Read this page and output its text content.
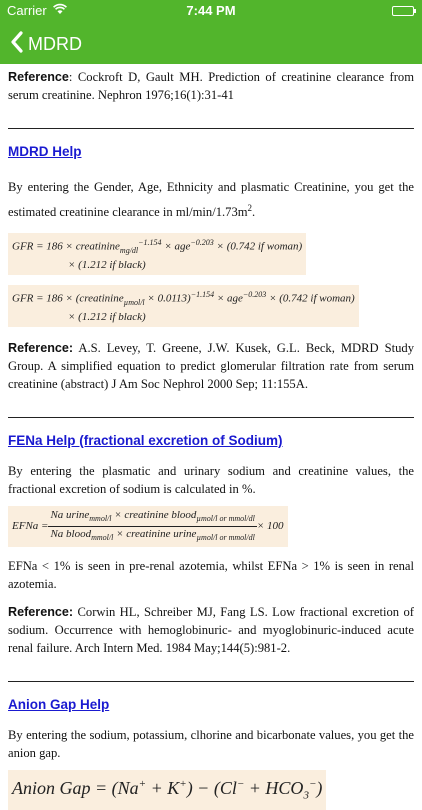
Carrier	7:44 PM
MDRD

Reference: Cockroft D, Gault MH. Prediction of creatinine clearance from serum creatinine. Nephron 1976;16(1):31-41

MDRD Help

By entering the Gender, Age, Ethnicity and plasmatic Creatinine, you get the estimated creatinine clearance in $ml/\min/1.73m^2$.

GFR = 186 × creatinine$_{mg/dl}^{-1.154}$ × age$^{-0.203}$ × (0.742 if woman)
× (1.212 if black)
GFR = 186 × (creatinine$_{\mu mol/l}$ × 0.0113)$^{-1.154}$ × age$^{-0.203}$ × (0.742 if woman)
× (1.212 if black)

Reference: A.S. Levey, T. Greene, J.W. Kusek, G.L. Beck, MDRD Study Group. A simplified equation to predict glomerular filtration rate from serum creatinine (abstract) J Am Soc Nephrol 2000 Sep; 11:155A.

FENa Help (fractional excretion of Sodium)

By entering the plasmatic and urinary sodium and creatinine values, the fractional excretion of sodium is calculated in %.

EFNa = $\frac{Na urine_{mmol/l} \times creatinine blood_{\mu mol/l or mmol/dl}}{Na blood_{mmol/l} \times creatinine urine_{\mu mol/l or mmol/dl}} \times 100$

EFNa < 1% is seen in pre-renal azotemia, whilst EFNa > 1% is seen in renal azotemia.

Reference: Corwin HL, Schreiber MJ, Fang LS. Low fractional excretion of sodium. Occurrence with hemoglobinuric- and myoglobinuric-induced acute renal failure. Arch Intern Med. 1984 May;144(5):981-2.

Anion Gap Help

By entering the sodium, potassium, clhorine and bicarbonate values, you get the anion gap.

Anion Gap = $(Na^+ + K^+) - (Cl^- + HCO_3^-)$
